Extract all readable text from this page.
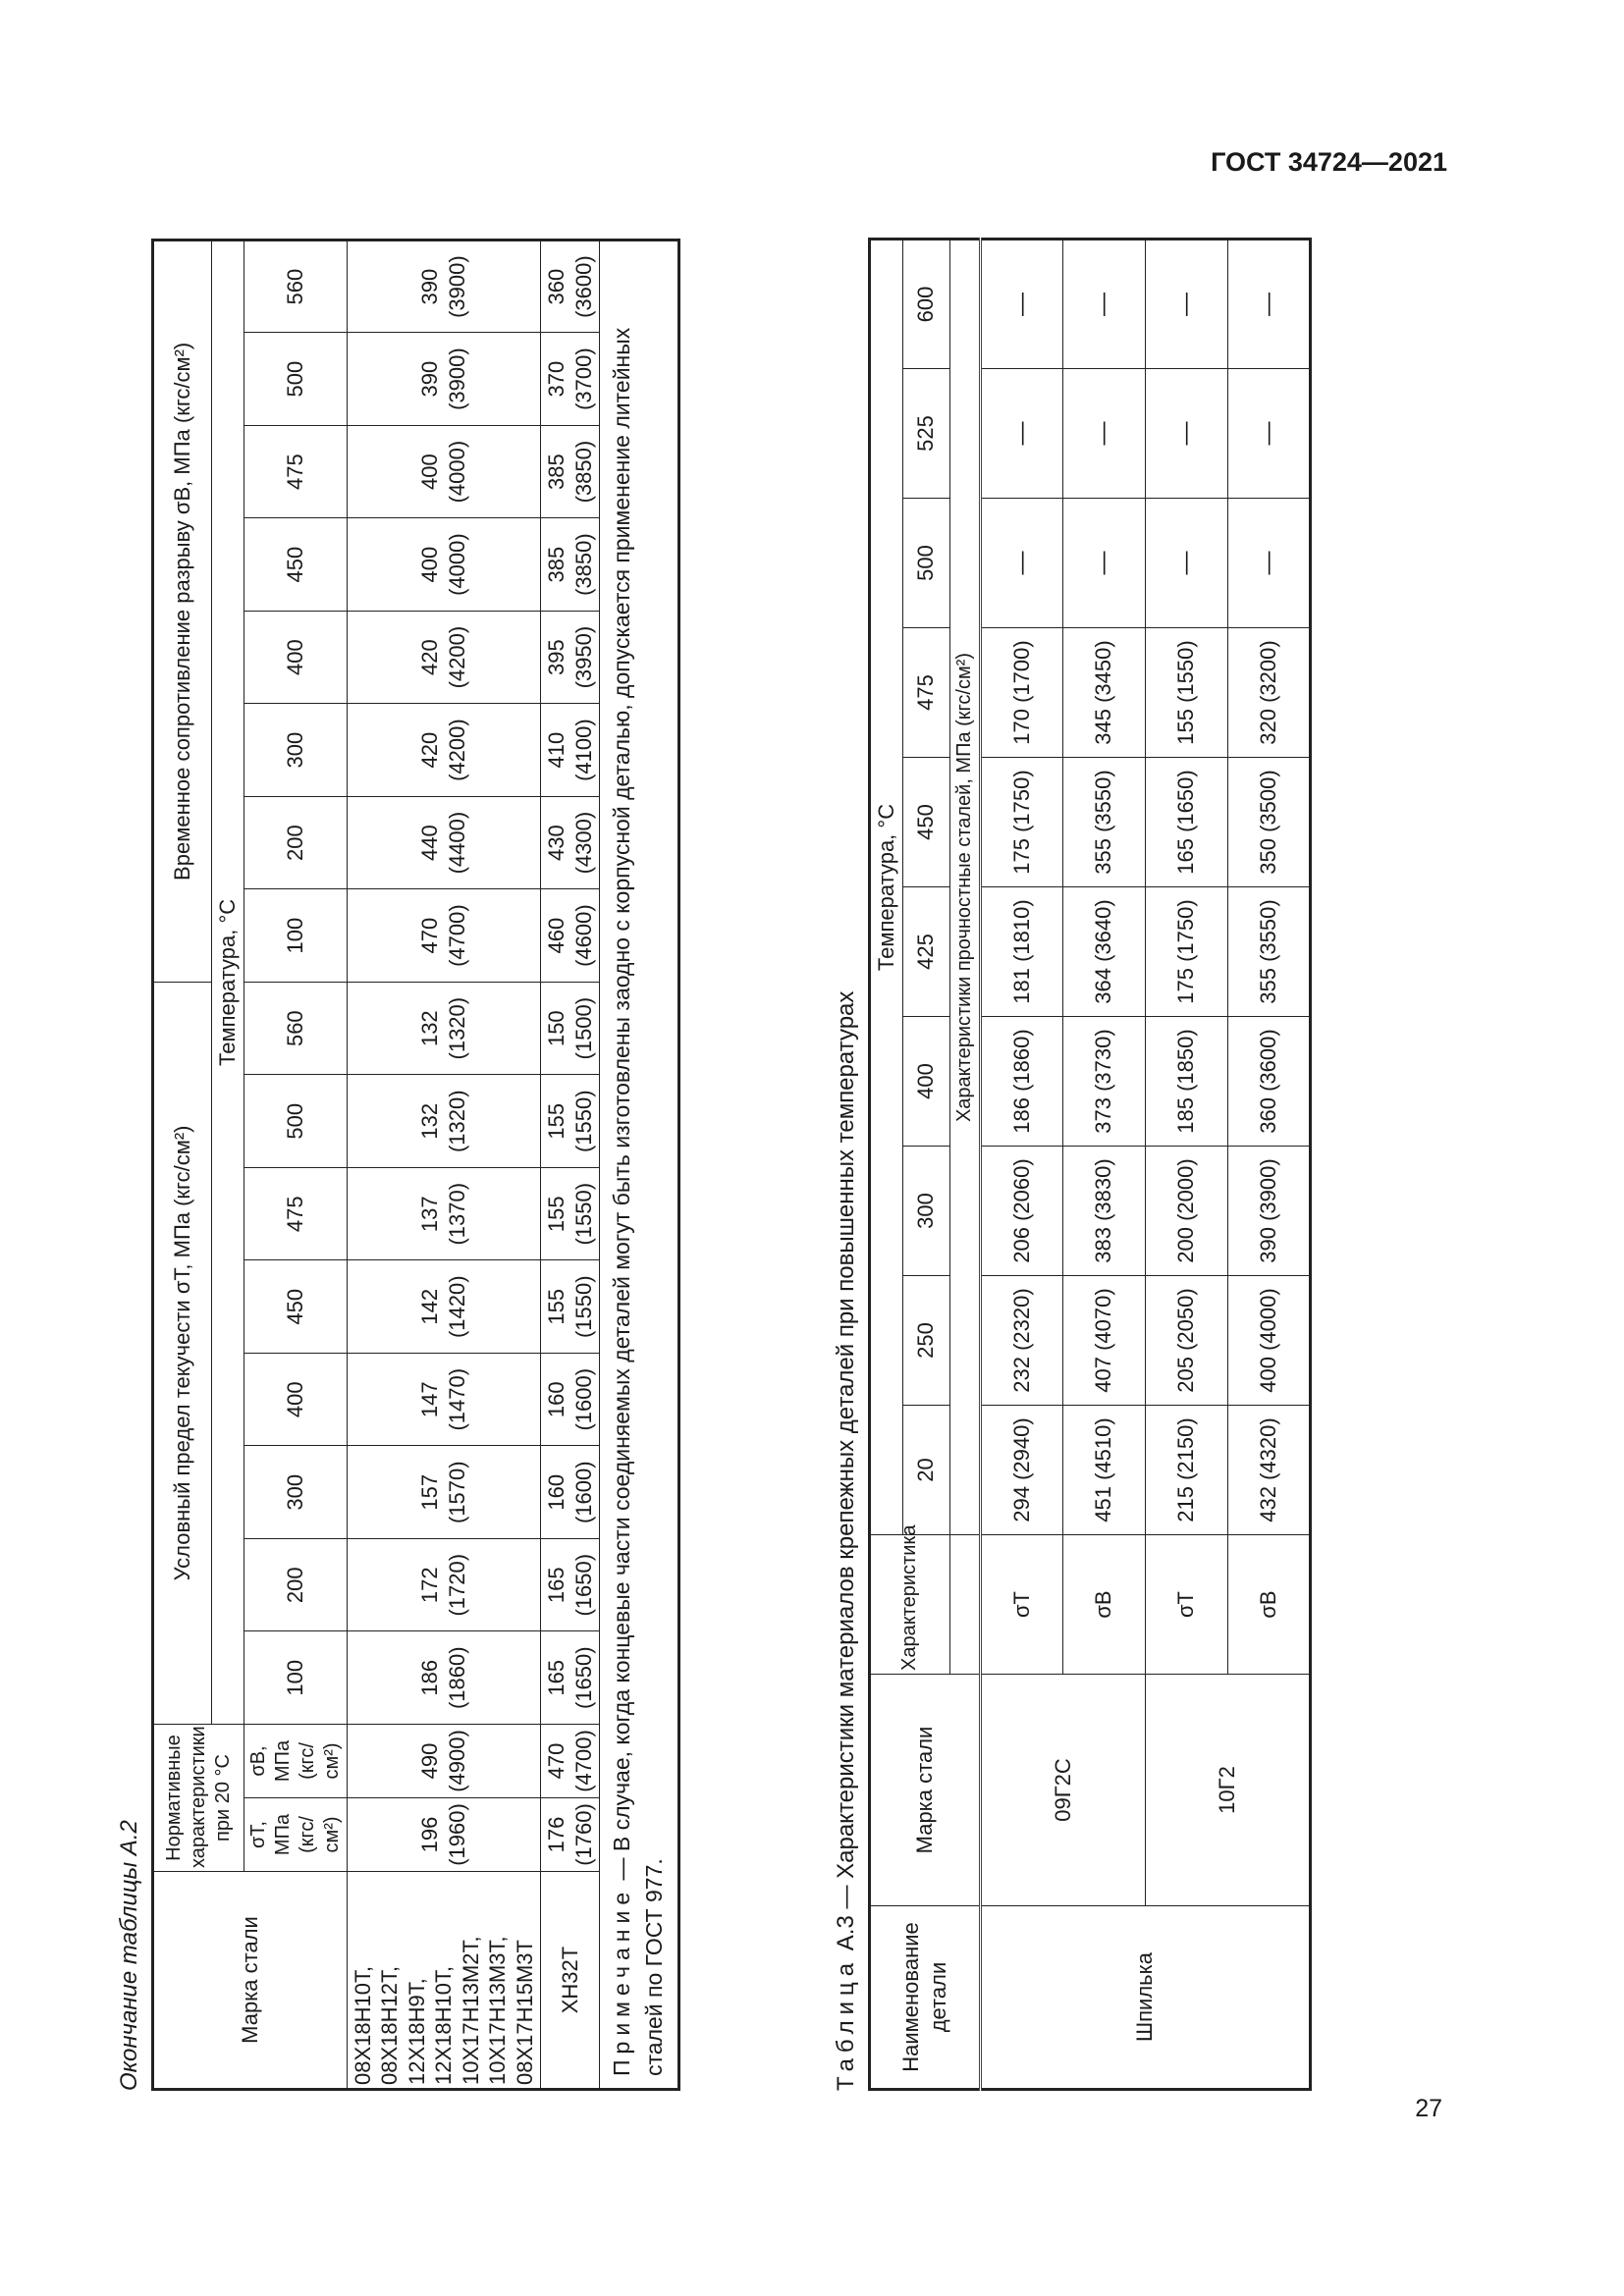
ГОСТ 34724—2021
Окончание таблицы А.2	Марка стали	Нормативные характеристики при 20 °С		Условный предел текучести σТ, МПа (кгс/см²)								Временное сопротивление разрыву σВ, МПа (кгс/см²)							
			Температура, °С															
	σТ, МПа (кгс/см²)	σВ, МПа (кгс/см²)	100	200	300	400	450	475	500	560	100	200	300	400	450	475	500	560
08Х18Н10Т, 08Х18Н12Т, 12Х18Н9Т, 12Х18Н10Т, 10Х17Н13М2Т, 10Х17Н13М3Т, 08Х17Н15М3Т	196 (1960)	490 (4900)	186 (1860)	172 (1720)	157 (1570)	147 (1470)	142 (1420)	137 (1370)	132 (1320)	132 (1320)	470 (4700)	440 (4400)	420 (4200)	420 (4200)	400 (4000)	400 (4000)	390 (3900)	390 (3900)
ХН32Т	176 (1760)	470 (4700)	165 (1650)	165 (1650)	160 (1600)	160 (1600)	155 (1550)	155 (1550)	155 (1550)	150 (1500)	460 (4600)	430 (4300)	410 (4100)	395 (3950)	385 (3850)	385 (3850)	370 (3700)	360 (3600)
Примечание — В случае, когда концевые части соединяемых деталей могут быть изготовлены заодно с корпусной деталью, допускается применение литейных сталей по ГОСТ 977.																			Таблица А.3 — Характеристики материалов крепежных деталей при повышенных температурах
Наименование детали	Марка стали	Характеристика	Температура, °С									
			20	250	300	400	425	450	475	500	525	600
			Характеристики прочностные сталей, МПа (кгс/см²)									
Шпилька	09Г2С	σТ	294 (2940)	232 (2320)	206 (2060)	186 (1860)	181 (1810)	175 (1750)	170 (1700)	—	—	—
		σВ	451 (4510)	407 (4070)	383 (3830)	373 (3730)	364 (3640)	355 (3550)	345 (3450)	—	—	—
	10Г2	σТ	215 (2150)	205 (2050)	200 (2000)	185 (1850)	175 (1750)	165 (1650)	155 (1550)	—	—	—
		σВ	432 (4320)	400 (4000)	390 (3900)	360 (3600)	355 (3550)	350 (3500)	320 (3200)	—	—	—
27
